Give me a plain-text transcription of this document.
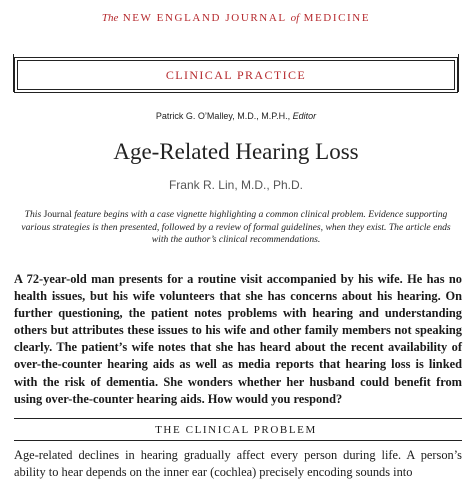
The NEW ENGLAND JOURNAL of MEDICINE
CLINICAL PRACTICE
Patrick G. O’Malley, M.D., M.P.H., Editor
Age-Related Hearing Loss
Frank R. Lin, M.D., Ph.D.
This Journal feature begins with a case vignette highlighting a common clinical problem. Evidence supporting various strategies is then presented, followed by a review of formal guidelines, when they exist. The article ends with the author’s clinical recommendations.

A 72-year-old man presents for a routine visit accompanied by his wife. He has no health issues, but his wife volunteers that she has concerns about his hearing. On further questioning, the patient notes problems with hearing and understanding others but attributes these issues to his wife and other family members not speaking clearly. The patient’s wife notes that she has heard about the recent availability of over-the-counter hearing aids as well as media reports that hearing loss is linked with the risk of dementia. She wonders whether her husband could benefit from using over-the-counter hearing aids. How would you respond?

THE CLINICAL PROBLEM

Age-related declines in hearing gradually affect every person during life. A person’s ability to hear depends on the inner ear (cochlea) precisely encoding sounds into
